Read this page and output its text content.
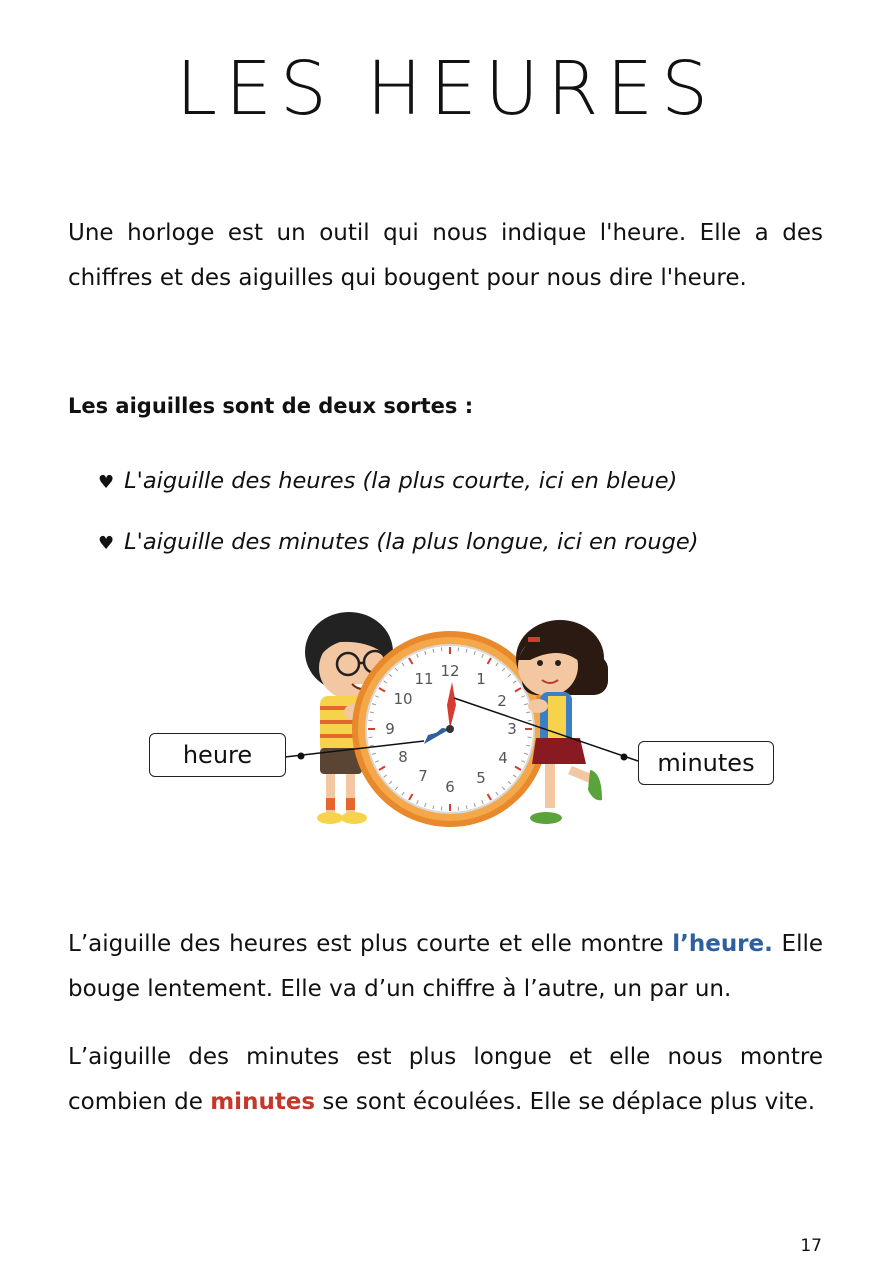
LES HEURES

Une horloge est un outil qui nous indique l'heure. Elle a des chiffres et des aiguilles qui bougent pour nous dire l'heure.

Les aiguilles sont de deux sortes :

♥ L'aiguille des heures (la plus courte, ici en bleue)
♥ L'aiguille des minutes (la plus longue, ici en rouge)
12 1
2
3
4
5
6
7
8
9
10
11
heure	minutes

L’aiguille des heures est plus courte et elle montre l’heure. Elle bouge lentement. Elle va d’un chiffre à l’autre, un par un.

L’aiguille des minutes est plus longue et elle nous montre combien de minutes se sont écoulées. Elle se déplace plus vite.

17
